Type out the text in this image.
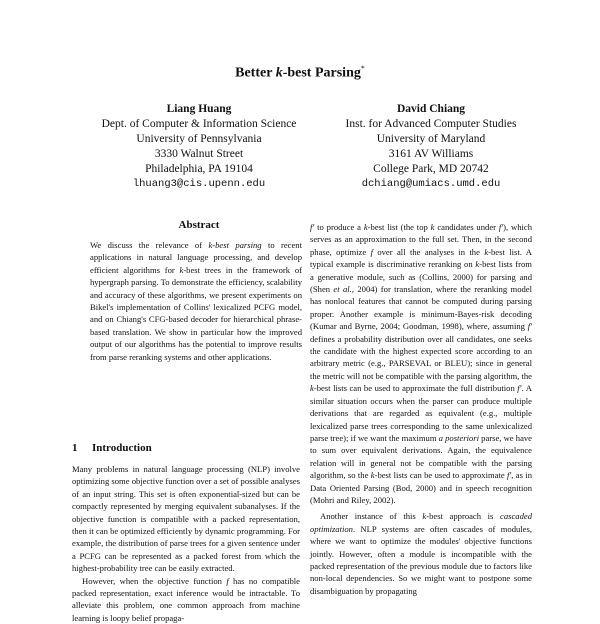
Better k-best Parsing*
Liang Huang
Dept. of Computer & Information Science
University of Pennsylvania
3330 Walnut Street
Philadelphia, PA 19104
lhuang3@cis.upenn.edu
David Chiang
Inst. for Advanced Computer Studies
University of Maryland
3161 AV Williams
College Park, MD 20742
dchiang@umiacs.umd.edu
Abstract

We discuss the relevance of k-best parsing to recent applications in natural language processing, and develop efficient algorithms for k-best trees in the framework of hypergraph parsing. To demonstrate the efficiency, scalability and accuracy of these algorithms, we present experiments on Bikel's implementation of Collins' lexicalized PCFG model, and on Chiang's CFG-based decoder for hierarchical phrase-based translation. We show in particular how the improved output of our algorithms has the potential to improve results from parse reranking systems and other applications.

1 Introduction

Many problems in natural language processing (NLP) involve optimizing some objective function over a set of possible analyses of an input string. This set is often exponential-sized but can be compactly represented by merging equivalent subanalyses. If the objective function is compatible with a packed representation, then it can be optimized efficiently by dynamic programming. For example, the distribution of parse trees for a given sentence under a PCFG can be represented as a packed forest from which the highest-probability tree can be easily extracted.

However, when the objective function f has no compatible packed representation, exact inference would be intractable. To alleviate this problem, one common approach from machine learning is loopy belief propaga-

f′ to produce a k-best list (the top k candidates under f′), which serves as an approximation to the full set. Then, in the second phase, optimize f over all the analyses in the k-best list. A typical example is discriminative reranking on k-best lists from a generative module, such as (Collins, 2000) for parsing and (Shen et al., 2004) for translation, where the reranking model has nonlocal features that cannot be computed during parsing proper. Another example is minimum-Bayes-risk decoding (Kumar and Byrne, 2004; Goodman, 1998), where, assuming f′ defines a probability distribution over all candidates, one seeks the candidate with the highest expected score according to an arbitrary metric (e.g., PARSEVAL or BLEU); since in general the metric will not be compatible with the parsing algorithm, the k-best lists can be used to approximate the full distribution f′. A similar situation occurs when the parser can produce multiple derivations that are regarded as equivalent (e.g., multiple lexicalized parse trees corresponding to the same unlexicalized parse tree); if we want the maximum a posteriori parse, we have to sum over equivalent derivations. Again, the equivalence relation will in general not be compatible with the parsing algorithm, so the k-best lists can be used to approximate f′, as in Data Oriented Parsing (Bod, 2000) and in speech recognition (Mohri and Riley, 2002).

Another instance of this k-best approach is cascaded optimization. NLP systems are often cascades of modules, where we want to optimize the modules' objective functions jointly. However, often a module is incompatible with the packed representation of the previous module due to factors like non-local dependencies. So we might want to postpone some disambiguation by propagating
